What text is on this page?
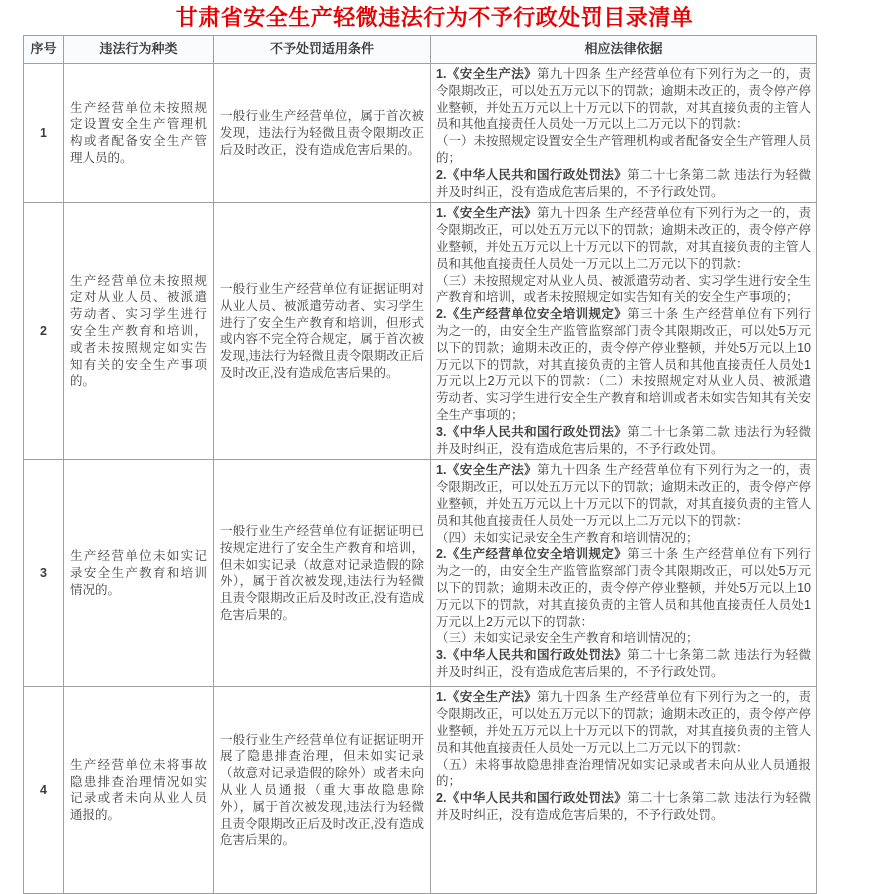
甘肃省安全生产轻微违法行为不予行政处罚目录清单
序号	违法行为种类	不予处罚适用条件	相应法律依据
1	生产经营单位未按照规定设置安全生产管理机构或者配备安全生产管理人员的。	一般行业生产经营单位，属于首次被发现，违法行为轻微且责令限期改正后及时改正，没有造成危害后果的。	1.《安全生产法》第九十四条 生产经营单位有下列行为之一的，责令限期改正，可以处五万元以下的罚款；逾期未改正的，责令停产停业整顿，并处五万元以上十万元以下的罚款，对其直接负责的主管人员和其他直接责任人员处一万元以上二万元以下的罚款：
（一）未按照规定设置安全生产管理机构或者配备安全生产管理人员的；
2.《中华人民共和国行政处罚法》第二十七条第二款 违法行为轻微并及时纠正，没有造成危害后果的，不予行政处罚。

2	生产经营单位未按照规定对从业人员、被派遣劳动者、实习学生进行安全生产教育和培训，或者未按照规定如实告知有关的安全生产事项的。	一般行业生产经营单位有证据证明对从业人员、被派遣劳动者、实习学生进行了安全生产教育和培训，但形式或内容不完全符合规定，属于首次被发现,违法行为轻微且责令限期改正后及时改正,没有造成危害后果的。	1.《安全生产法》第九十四条 生产经营单位有下列行为之一的，责令限期改正，可以处五万元以下的罚款；逾期未改正的，责令停产停业整顿，并处五万元以上十万元以下的罚款，对其直接负责的主管人员和其他直接责任人员处一万元以上二万元以下的罚款：
（三）未按照规定对从业人员、被派遣劳动者、实习学生进行安全生产教育和培训，或者未按照规定如实告知有关的安全生产事项的；
2.《生产经营单位安全培训规定》第三十条 生产经营单位有下列行为之一的，由安全生产监管监察部门责令其限期改正，可以处5万元以下的罚款；逾期未改正的，责令停产停业整顿，并处5万元以上10万元以下的罚款，对其直接负责的主管人员和其他直接责任人员处1万元以上2万元以下的罚款：（二）未按照规定对从业人员、被派遣劳动者、实习学生进行安全生产教育和培训或者未如实告知其有关安全生产事项的；
3.《中华人民共和国行政处罚法》第二十七条第二款 违法行为轻微并及时纠正，没有造成危害后果的，不予行政处罚。

3	生产经营单位未如实记录安全生产教育和培训情况的。	一般行业生产经营单位有证据证明已按规定进行了安全生产教育和培训，但未如实记录（故意对记录造假的除外），属于首次被发现,违法行为轻微且责令限期改正后及时改正,没有造成危害后果的。	1.《安全生产法》第九十四条 生产经营单位有下列行为之一的，责令限期改正，可以处五万元以下的罚款；逾期未改正的，责令停产停业整顿，并处五万元以上十万元以下的罚款，对其直接负责的主管人员和其他直接责任人员处一万元以上二万元以下的罚款：
（四）未如实记录安全生产教育和培训情况的；
2.《生产经营单位安全培训规定》第三十条 生产经营单位有下列行为之一的，由安全生产监管监察部门责令其限期改正，可以处5万元以下的罚款；逾期未改正的，责令停产停业整顿，并处5万元以上10万元以下的罚款，对其直接负责的主管人员和其他直接责任人员处1万元以上2万元以下的罚款：
（三）未如实记录安全生产教育和培训情况的；
3.《中华人民共和国行政处罚法》第二十七条第二款 违法行为轻微并及时纠正，没有造成危害后果的，不予行政处罚。

4	生产经营单位未将事故隐患排查治理情况如实记录或者未向从业人员通报的。	一般行业生产经营单位有证据证明开展了隐患排查治理，但未如实记录（故意对记录造假的除外）或者未向从业人员通报（重大事故隐患除外），属于首次被发现,违法行为轻微且责令限期改正后及时改正,没有造成危害后果的。	1.《安全生产法》第九十四条 生产经营单位有下列行为之一的，责令限期改正，可以处五万元以下的罚款；逾期未改正的，责令停产停业整顿，并处五万元以上十万元以下的罚款，对其直接负责的主管人员和其他直接责任人员处一万元以上二万元以下的罚款：
（五）未将事故隐患排查治理情况如实记录或者未向从业人员通报的；
2.《中华人民共和国行政处罚法》第二十七条第二款 违法行为轻微并及时纠正，没有造成危害后果的，不予行政处罚。
